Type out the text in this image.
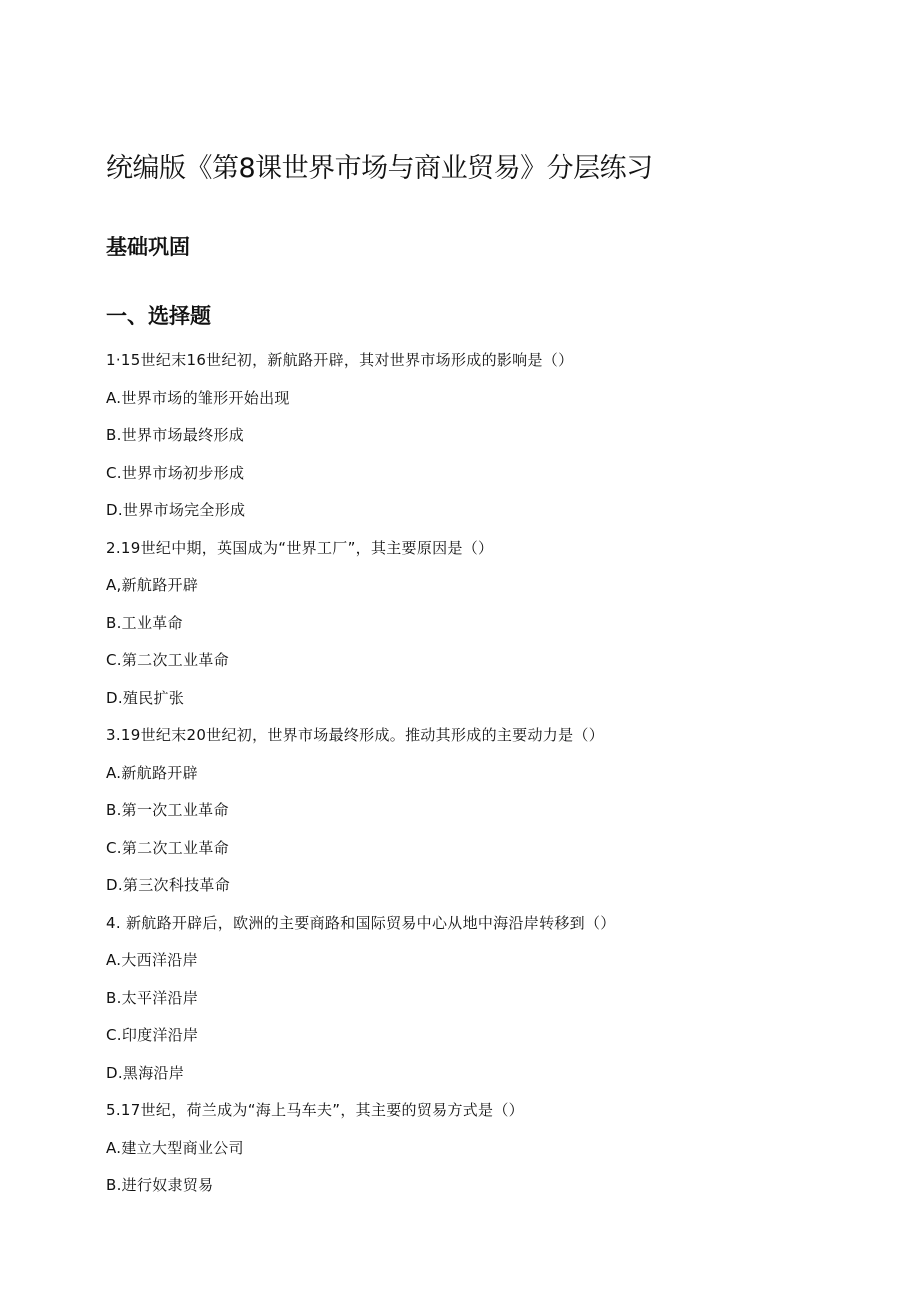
统编版《第8课世界市场与商业贸易》分层练习
基础巩固
一、选择题
1·15世纪末16世纪初，新航路开辟，其对世界市场形成的影响是（）
A.世界市场的雏形开始出现
B.世界市场最终形成
C.世界市场初步形成
D.世界市场完全形成
2.19世纪中期，英国成为“世界工厂”，其主要原因是（）
A,新航路开辟
B.工业革命
C.第二次工业革命
D.殖民扩张
3.19世纪末20世纪初，世界市场最终形成。推动其形成的主要动力是（）
A.新航路开辟
B.第一次工业革命
C.第二次工业革命
D.第三次科技革命
4. 新航路开辟后，欧洲的主要商路和国际贸易中心从地中海沿岸转移到（）
A.大西洋沿岸
B.太平洋沿岸
C.印度洋沿岸
D.黑海沿岸
5.17世纪，荷兰成为“海上马车夫”，其主要的贸易方式是（）
A.建立大型商业公司
B.进行奴隶贸易
